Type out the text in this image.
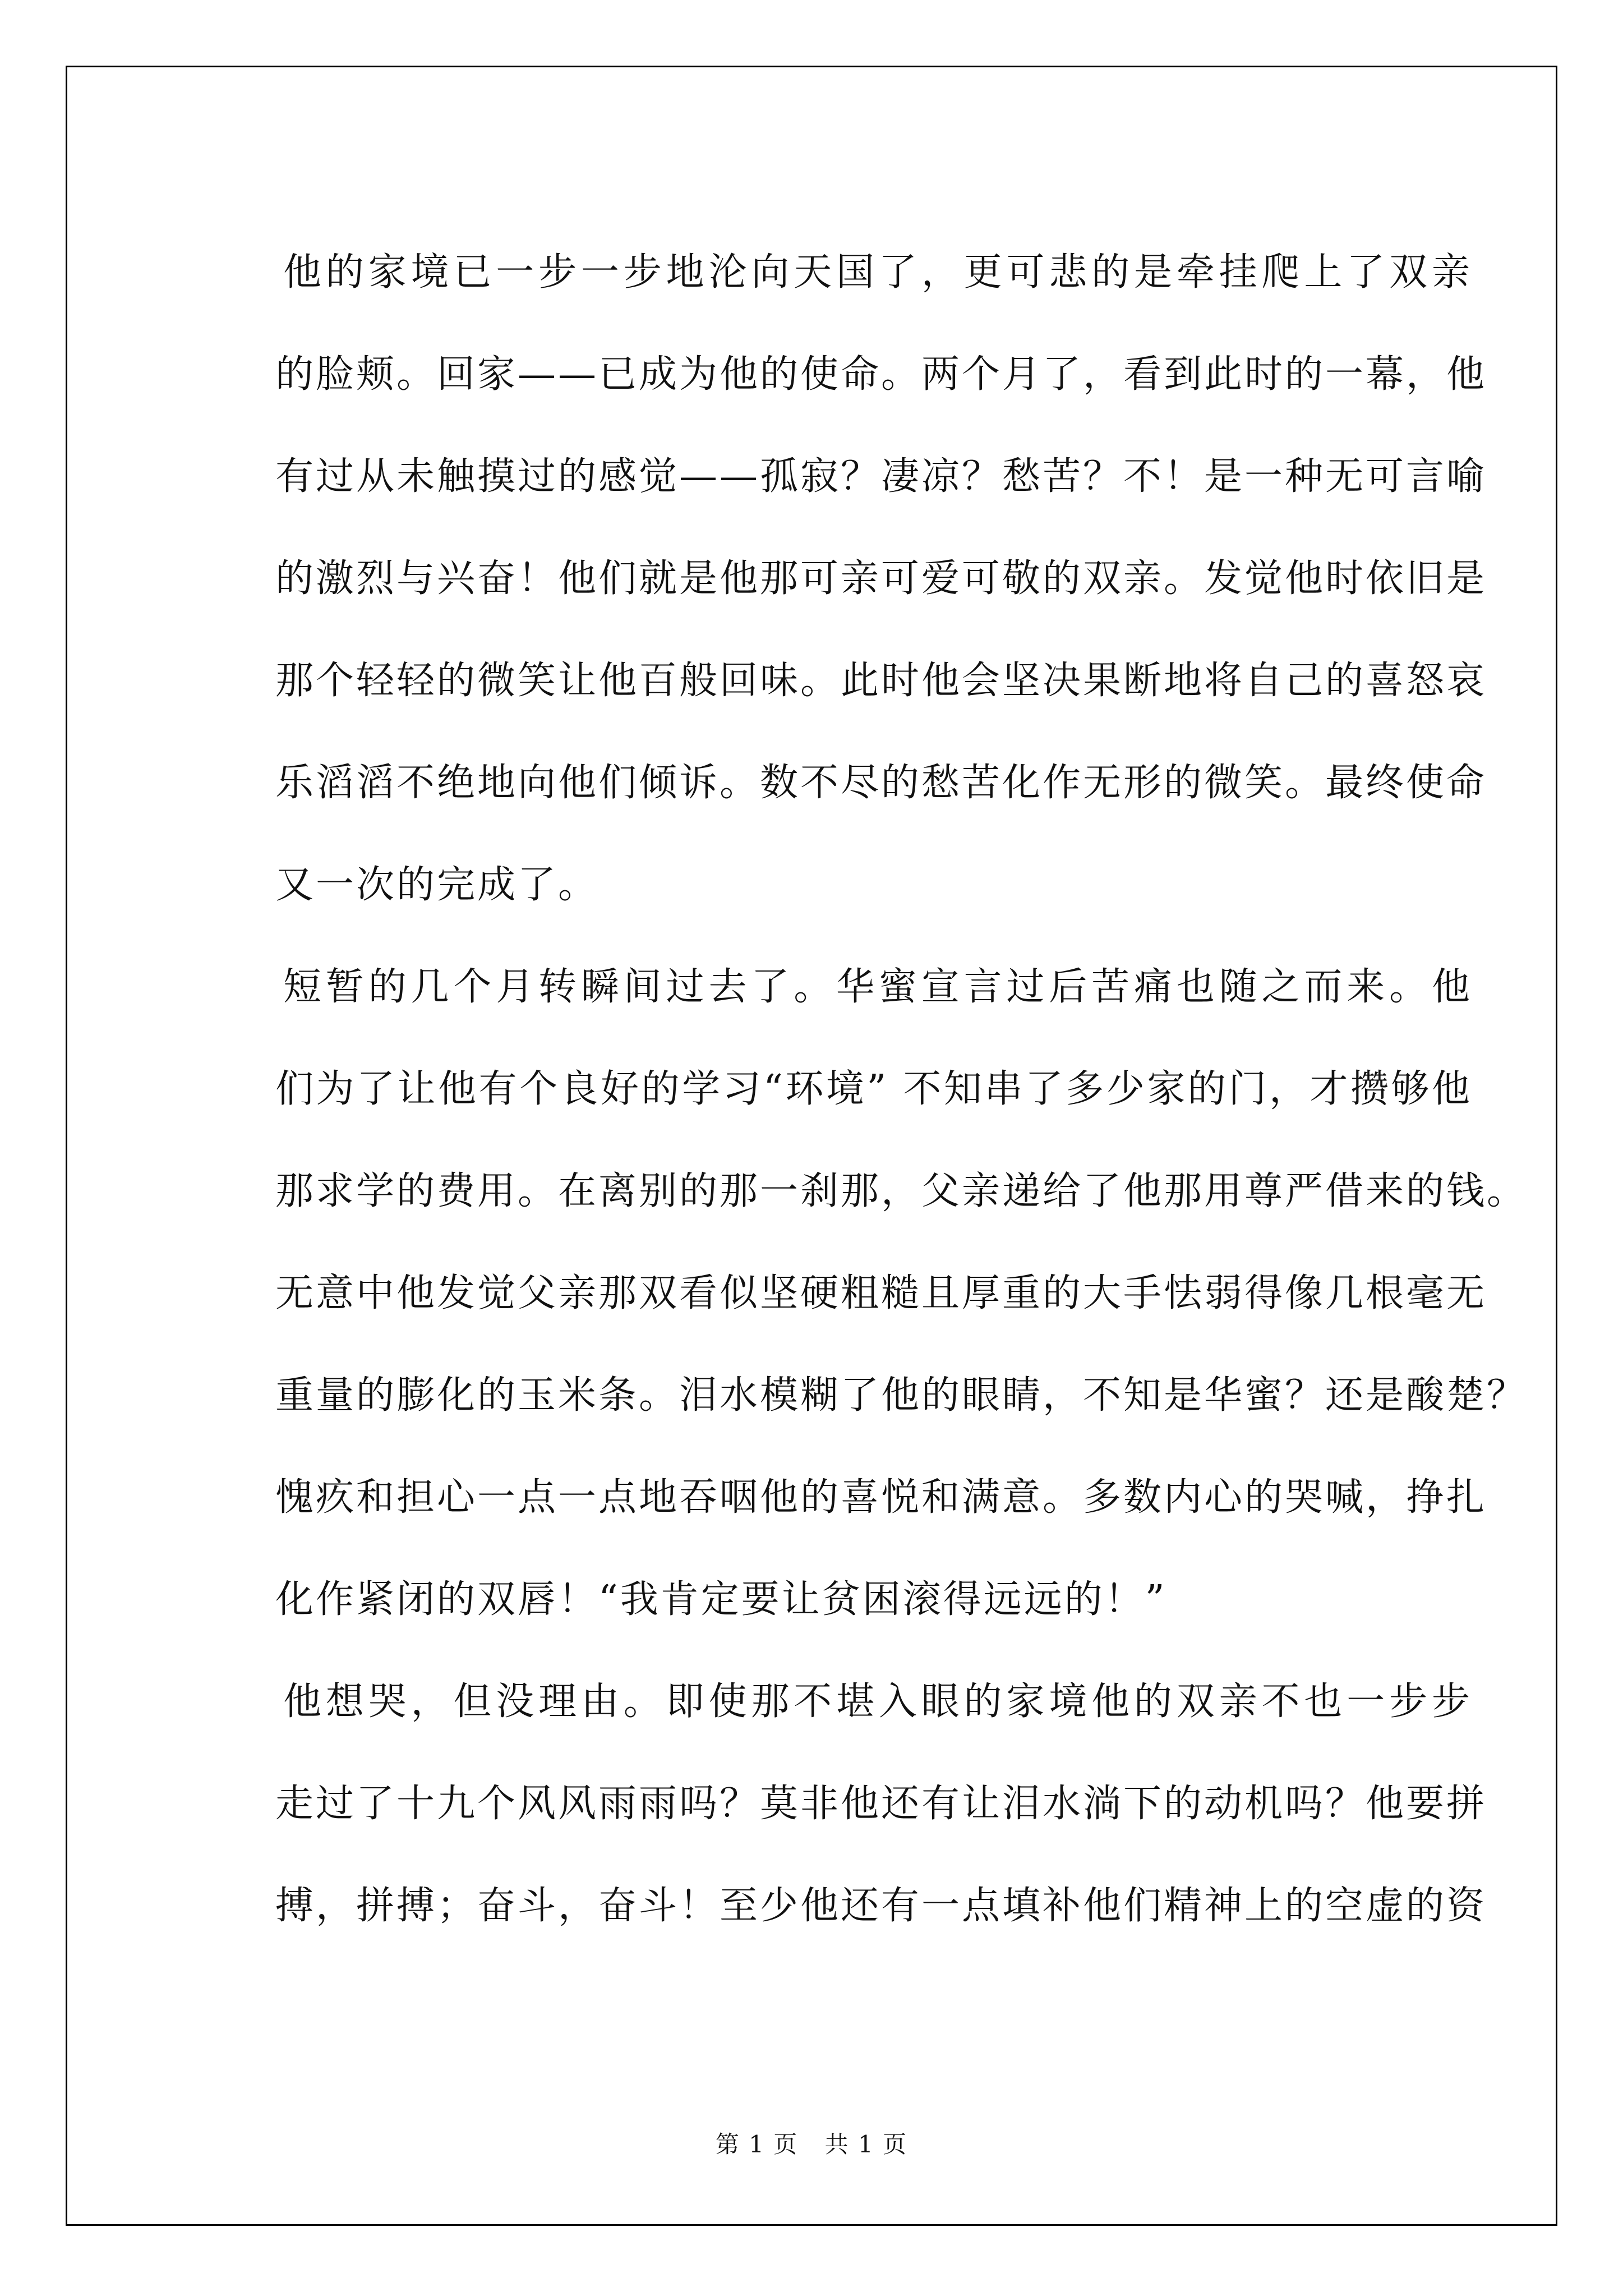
他的家境已一步一步地沦向天国了，更可悲的是牵挂爬上了双亲
的脸颊。回家——已成为他的使命。两个月了，看到此时的一幕，他
有过从未触摸过的感觉——孤寂？凄凉？愁苦？不！是一种无可言喻
的激烈与兴奋！他们就是他那可亲可爱可敬的双亲。发觉他时依旧是
那个轻轻的微笑让他百般回味。此时他会坚决果断地将自己的喜怒哀
乐滔滔不绝地向他们倾诉。数不尽的愁苦化作无形的微笑。最终使命
又一次的完成了。
短暂的几个月转瞬间过去了。华蜜宣言过后苦痛也随之而来。他
们为了让他有个良好的学习“环境” 不知串了多少家的门，才攒够他
那求学的费用。在离别的那一刹那，父亲递给了他那用尊严借来的钱。
无意中他发觉父亲那双看似坚硬粗糙且厚重的大手怯弱得像几根毫无
重量的膨化的玉米条。泪水模糊了他的眼睛，不知是华蜜？还是酸楚？
愧疚和担心一点一点地吞咽他的喜悦和满意。多数内心的哭喊，挣扎
化作紧闭的双唇！“我肯定要让贫困滚得远远的！”
他想哭，但没理由。即使那不堪入眼的家境他的双亲不也一步步
走过了十九个风风雨雨吗？莫非他还有让泪水淌下的动机吗？他要拼
搏，拼搏；奋斗，奋斗！至少他还有一点填补他们精神上的空虚的资
第 1 页 共 1 页
